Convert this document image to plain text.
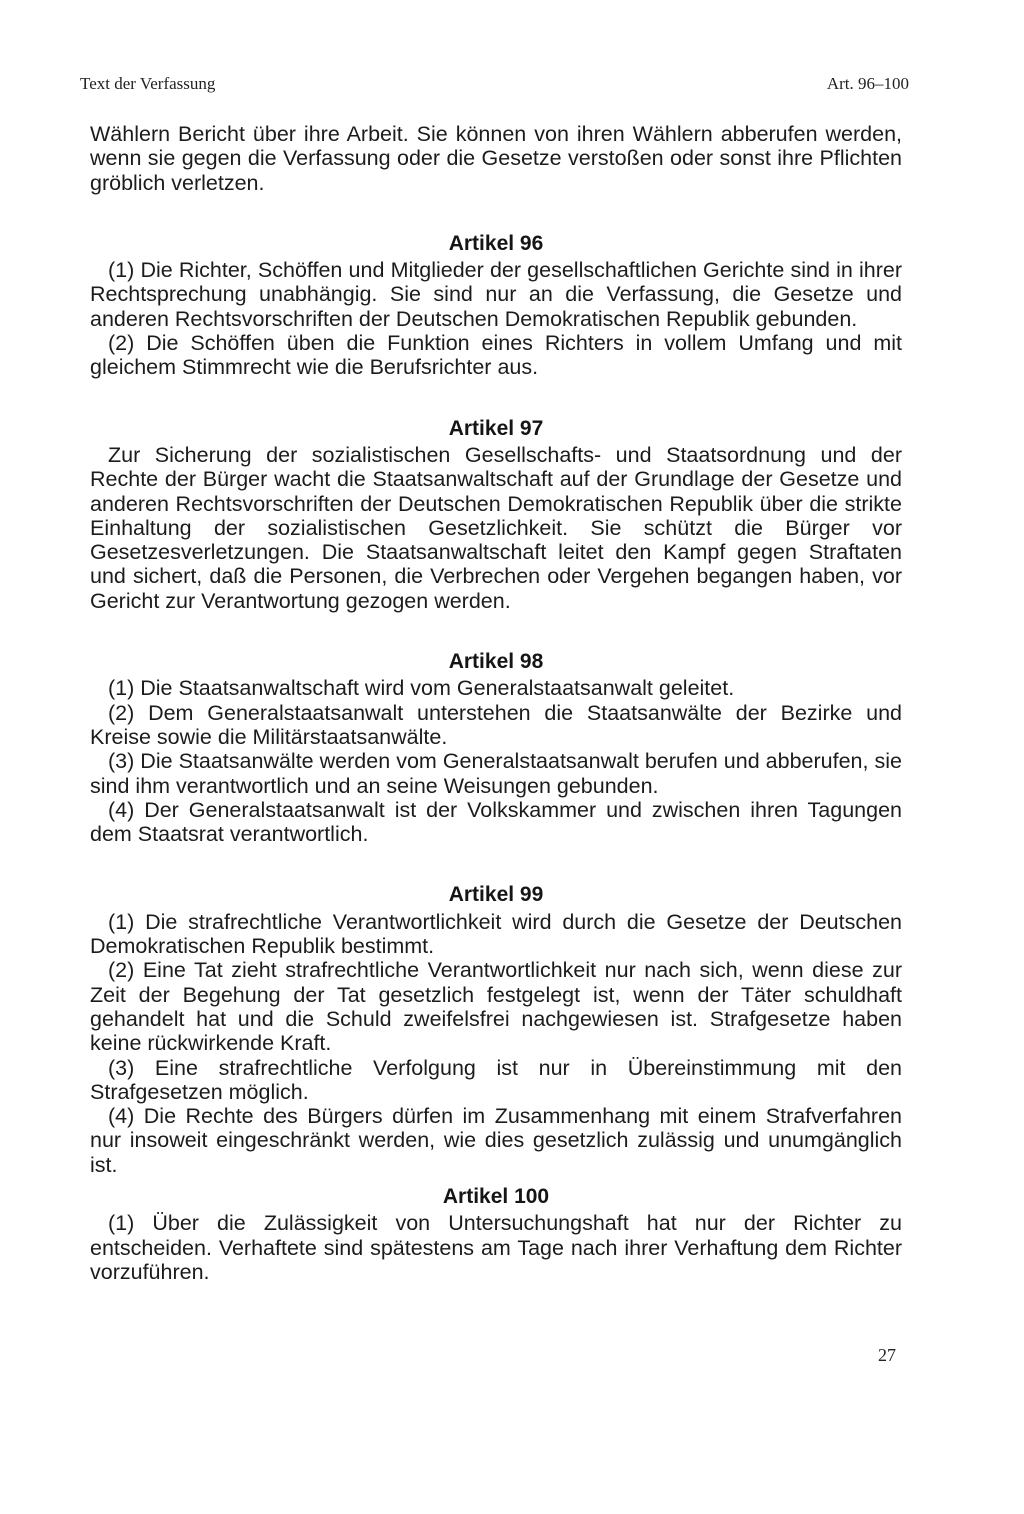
Text der Verfassung	Art. 96–100

Wählern Bericht über ihre Arbeit. Sie können von ihren Wählern abberufen werden, wenn sie gegen die Verfassung oder die Gesetze verstoßen oder sonst ihre Pflichten gröblich verletzen.

Artikel 96

(1) Die Richter, Schöffen und Mitglieder der gesellschaftlichen Gerichte sind in ihrer Rechtsprechung unabhängig. Sie sind nur an die Verfassung, die Gesetze und anderen Rechtsvorschriften der Deutschen Demokratischen Republik gebunden.

(2) Die Schöffen üben die Funktion eines Richters in vollem Umfang und mit gleichem Stimmrecht wie die Berufsrichter aus.

Artikel 97

Zur Sicherung der sozialistischen Gesellschafts- und Staatsordnung und der Rechte der Bürger wacht die Staatsanwaltschaft auf der Grundlage der Gesetze und anderen Rechtsvorschriften der Deutschen Demokratischen Republik über die strikte Einhaltung der sozialistischen Gesetzlichkeit. Sie schützt die Bürger vor Gesetzesverletzungen. Die Staatsanwaltschaft leitet den Kampf gegen Straftaten und sichert, daß die Personen, die Verbrechen oder Vergehen begangen haben, vor Gericht zur Verantwortung gezogen werden.

Artikel 98

(1) Die Staatsanwaltschaft wird vom Generalstaatsanwalt geleitet.

(2) Dem Generalstaatsanwalt unterstehen die Staatsanwälte der Bezirke und Kreise sowie die Militärstaatsanwälte.

(3) Die Staatsanwälte werden vom Generalstaatsanwalt berufen und abberufen, sie sind ihm verantwortlich und an seine Weisungen gebunden.

(4) Der Generalstaatsanwalt ist der Volkskammer und zwischen ihren Tagungen dem Staatsrat verantwortlich.

Artikel 99

(1) Die strafrechtliche Verantwortlichkeit wird durch die Gesetze der Deutschen Demokratischen Republik bestimmt.

(2) Eine Tat zieht strafrechtliche Verantwortlichkeit nur nach sich, wenn diese zur Zeit der Begehung der Tat gesetzlich festgelegt ist, wenn der Täter schuldhaft gehandelt hat und die Schuld zweifelsfrei nachgewiesen ist. Strafgesetze haben keine rückwirkende Kraft.

(3) Eine strafrechtliche Verfolgung ist nur in Übereinstimmung mit den Strafgesetzen möglich.

(4) Die Rechte des Bürgers dürfen im Zusammenhang mit einem Strafverfahren nur insoweit eingeschränkt werden, wie dies gesetzlich zulässig und unumgänglich ist.

Artikel 100

(1) Über die Zulässigkeit von Untersuchungshaft hat nur der Richter zu entscheiden. Verhaftete sind spätestens am Tage nach ihrer Verhaftung dem Richter vorzuführen.

27
